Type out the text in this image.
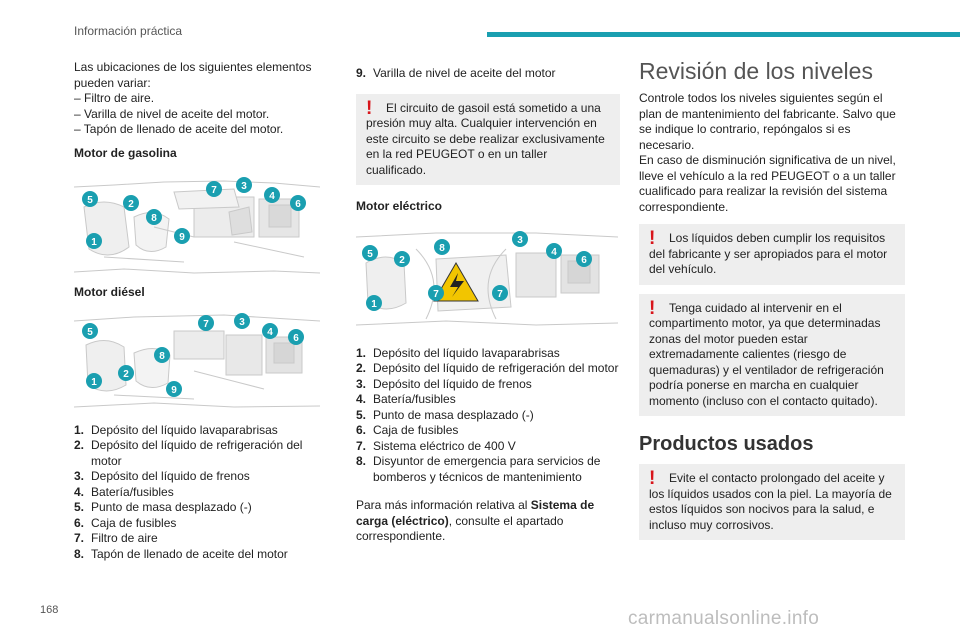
Información práctica

Las ubicaciones de los siguientes elementos pueden variar:

– Filtro de aire.

– Varilla de nivel de aceite del motor.

– Tapón de llenado de aceite del motor.

Motor de gasolina

5	2
7 3
4
6
8
1	9

Motor diésel

5
7	3
4
6
8
1
2
9
1. Depósito del líquido lavaparabrisas
2. Depósito del líquido de refrigeración del motor
3. Depósito del líquido de frenos
4. Batería/fusibles
5. Punto de masa desplazado (-)
6. Caja de fusibles
7. Filtro de aire
8. Tapón de llenado de aceite del motor
9. Varilla de nivel de aceite del motor
!	El circuito de gasoil está sometido a una presión muy alta. Cualquier intervención en este circuito se debe realizar exclusivamente en la red PEUGEOT o en un taller cualificado.

Motor eléctrico

5
2
8
3
4
6
1
7	7
1. Depósito del líquido lavaparabrisas
2. Depósito del líquido de refrigeración del motor
3. Depósito del líquido de frenos
4. Batería/fusibles
5. Punto de masa desplazado (-)
6. Caja de fusibles
7. Sistema eléctrico de 400 V
8. Disyuntor de emergencia para servicios de bomberos y técnicos de mantenimiento

Para más información relativa al Sistema de carga (eléctrico), consulte el apartado correspondiente.

Revisión de los niveles

Controle todos los niveles siguientes según el plan de mantenimiento del fabricante. Salvo que se indique lo contrario, repóngalos si es necesario.

En caso de disminución significativa de un nivel, lleve el vehículo a la red PEUGEOT o a un taller cualificado para realizar la revisión del sistema correspondiente.

!	Los líquidos deben cumplir los requisitos del fabricante y ser apropiados para el motor del vehículo.

!	Tenga cuidado al intervenir en el compartimento motor, ya que determinadas zonas del motor pueden estar extremadamente calientes (riesgo de quemaduras) y el ventilador de refrigeración podría ponerse en marcha en cualquier momento (incluso con el contacto quitado).

Productos usados
!	Evite el contacto prolongado del aceite y los líquidos usados con la piel. La mayoría de estos líquidos son nocivos para la salud, e incluso muy corrosivos.

168	carmanualsonline.info
